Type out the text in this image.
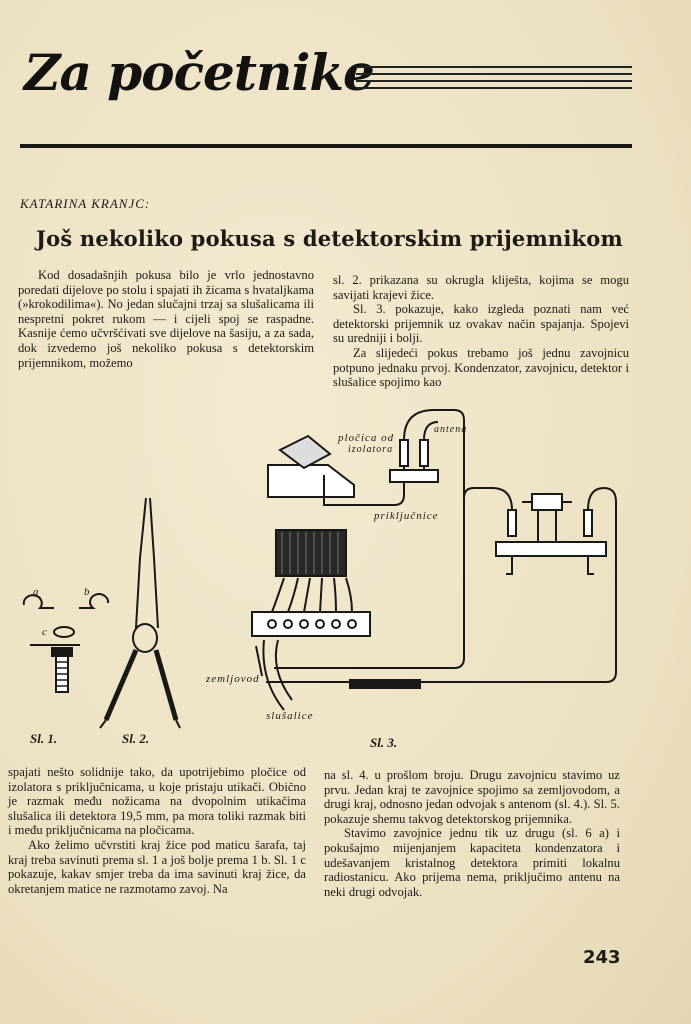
Za početnike
KATARINA KRANJC:
Još nekoliko pokusa s detektorskim prijemnikom

Kod dosadašnjih pokusa bilo je vrlo jednostavno poredati dijelove po stolu i spajati ih žicama s hvataljkama (»krokodilima«). No jedan slučajni trzaj sa slušalicama ili nespretni pokret rukom — i cijeli spoj se raspadne. Kasnije ćemo učvršćivati sve dijelove na šasiju, a za sada, dok izvedemo još nekoliko pokusa s detektorskim prijemnikom, možemo

sl. 2. prikazana su okrugla kliješta, kojima se mogu savijati krajevi žice.

Sl. 3. pokazuje, kako izgleda poznati nam već detektorski prijemnik uz ovakav način spajanja. Spojevi su uredniji i bolji.

Za slijedeći pokus trebamo još jednu zavojnicu potpuno jednaku prvoj. Kondenzator, zavojnicu, detektor i slušalice spojimo kao

a	b
c
pločica od
izolatora
antena
priključnice
zemljovod
slušalice
Sl. 1.	Sl. 2.	Sl. 3.

spajati nešto solidnije tako, da upotrijebimo pločice od izolatora s priključnicama, u koje pristaju utikači. Obično je razmak među nožicama na dvopolnim utikačima slušalica ili detektora 19,5 mm, pa mora toliki razmak biti i među priključnicama na pločicama.

Ako želimo učvrstiti kraj žice pod maticu šarafa, taj kraj treba savinuti prema sl. 1 a još bolje prema 1 b. Sl. 1 c pokazuje, kakav smjer treba da ima savinuti kraj žice, da okretanjem matice ne razmotamo zavoj. Na

na sl. 4. u prošlom broju. Drugu zavojnicu stavimo uz prvu. Jedan kraj te zavojnice spojimo sa zemljovodom, a drugi kraj, odnosno jedan odvojak s antenom (sl. 4.). Sl. 5. pokazuje shemu takvog detektorskog prijemnika.

Stavimo zavojnice jednu tik uz drugu (sl. 6 a) i pokušajmo mijenjanjem kapaciteta kondenzatora i udešavanjem kristalnog detektora primiti lokalnu radiostanicu. Ako prijema nema, priključimo antenu na neki drugi odvojak.

243
